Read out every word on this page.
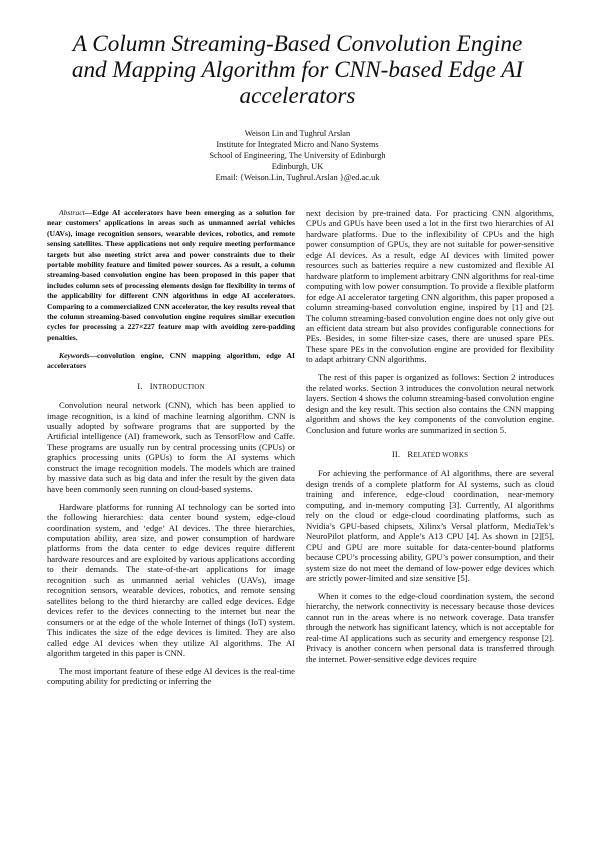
A Column Streaming-Based Convolution Engine
and Mapping Algorithm for CNN-based Edge AI
accelerators
Weison Lin and Tughrul Arslan
Institute for Integrated Micro and Nano Systems
School of Engineering, The University of Edinburgh
Edinburgh, UK
Email: {Weison.Lin, Tughrul.Arslan }@ed.ac.uk

Abstract—Edge AI accelerators have been emerging as a solution for near customers’ applications in areas such as unmanned aerial vehicles (UAVs), image recognition sensors, wearable devices, robotics, and remote sensing satellites. These applications not only require meeting performance targets but also meeting strict area and power constraints due to their portable mobility feature and limited power sources. As a result, a column streaming-based convolution engine has been proposed in this paper that includes column sets of processing elements design for flexibility in terms of the applicability for different CNN algorithms in edge AI accelerators. Comparing to a commercialized CNN accelerator, the key results reveal that the column streaming-based convolution engine requires similar execution cycles for processing a 227×227 feature map with avoiding zero-padding penalties.

Keywords—convolution engine, CNN mapping algorithm, edge AI accelerators

I. INTRODUCTION

Convolution neural network (CNN), which has been applied to image recognition, is a kind of machine learning algorithm. CNN is usually adopted by software programs that are supported by the Artificial intelligence (AI) framework, such as TensorFlow and Caffe. These programs are usually run by central processing units (CPUs) or graphics processing units (GPUs) to form the AI systems which construct the image recognition models. The models which are trained by massive data such as big data and infer the result by the given data have been commonly seen running on cloud-based systems.

Hardware platforms for running AI technology can be sorted into the following hierarchies: data center bound system, edge-cloud coordination system, and ‘edge’ AI devices. The three hierarchies, computation ability, area size, and power consumption of hardware platforms from the data center to edge devices require different hardware resources and are exploited by various applications according to their demands. The state-of-the-art applications for image recognition such as unmanned aerial vehicles (UAVs), image recognition sensors, wearable devices, robotics, and remote sensing satellites belong to the third hierarchy are called edge devices. Edge devices refer to the devices connecting to the internet but near the consumers or at the edge of the whole Internet of things (IoT) system. This indicates the size of the edge devices is limited. They are also called edge AI devices when they utilize AI algorithms. The AI algorithm targeted in this paper is CNN.

The most important feature of these edge AI devices is the real-time computing ability for predicting or inferring the

next decision by pre-trained data. For practicing CNN algorithms, CPUs and GPUs have been used a lot in the first two hierarchies of AI hardware platforms. Due to the inflexibility of CPUs and the high power consumption of GPUs, they are not suitable for power-sensitive edge AI devices. As a result, edge AI devices with limited power resources such as batteries require a new customized and flexible AI hardware platform to implement arbitrary CNN algorithms for real-time computing with low power consumption. To provide a flexible platform for edge AI accelerator targeting CNN algorithm, this paper proposed a column streaming-based convolution engine, inspired by [1] and [2]. The column streaming-based convolution engine does not only give out an efficient data stream but also provides configurable connections for PEs. Besides, in some filter-size cases, there are unused spare PEs. These spare PEs in the convolution engine are provided for flexibility to adapt arbitrary CNN algorithms.

The rest of this paper is organized as follows: Section 2 introduces the related works. Section 3 introduces the convolution neural network layers. Section 4 shows the column streaming-based convolution engine design and the key result. This section also contains the CNN mapping algorithm and shows the key components of the convolution engine. Conclusion and future works are summarized in section 5.

II. RELATED WORKS

For achieving the performance of AI algorithms, there are several design trends of a complete platform for AI systems, such as cloud training and inference, edge-cloud coordination, near-memory computing, and in-memory computing [3]. Currently, AI algorithms rely on the cloud or edge-cloud coordinating platforms, such as Nvidia’s GPU-based chipsets, Xilinx’s Versal platform, MediaTek’s NeuroPilot platform, and Apple’s A13 CPU [4]. As shown in [2][5], CPU and GPU are more suitable for data-center-bound platforms because CPU’s processing ability, GPU’s power consumption, and their system size do not meet the demand of low-power edge devices which are strictly power-limited and size sensitive [5].

When it comes to the edge-cloud coordination system, the second hierarchy, the network connectivity is necessary because those devices cannot run in the areas where is no network coverage. Data transfer through the network has significant latency, which is not acceptable for real-time AI applications such as security and emergency response [2]. Privacy is another concern when personal data is transferred through the internet. Power-sensitive edge devices require
